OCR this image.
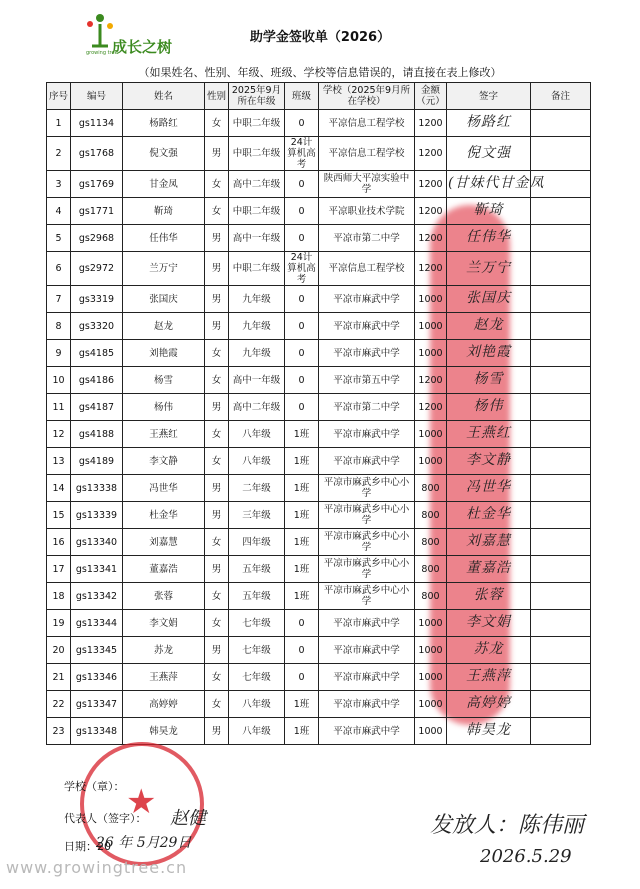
成长之树
growing tree
助学金签收单（2026）
（如果姓名、性别、年级、班级、学校等信息错误的，请直接在表上修改）
序号	编号	姓名	性别	2025年9月所在年级	班级	学校（2025年9月所在学校）	金额（元）	签字	备注
1	gs1134	杨路红	女	中职二年级	0	平凉信息工程学校	1200	杨路红	
2	gs1768	倪文强	男	中职二年级	24计算机高考	平凉信息工程学校	1200	倪文强	
3	gs1769	甘金凤	女	高中二年级	0	陕西师大平凉实验中学	1200	(甘妹代甘金凤	
4	gs1771	靳琦	女	中职二年级	0	平凉职业技术学院	1200	靳琦	
5	gs2968	任伟华	男	高中一年级	0	平凉市第二中学	1200	任伟华	
6	gs2972	兰万宁	男	中职二年级	24计算机高考	平凉信息工程学校	1200	兰万宁	
7	gs3319	张国庆	男	九年级	0	平凉市麻武中学	1000	张国庆	
8	gs3320	赵龙	男	九年级	0	平凉市麻武中学	1000	赵龙	
9	gs4185	刘艳霞	女	九年级	0	平凉市麻武中学	1000	刘艳霞	
10	gs4186	杨雪	女	高中一年级	0	平凉市第五中学	1200	杨雪	
11	gs4187	杨伟	男	高中二年级	0	平凉市第二中学	1200	杨伟	
12	gs4188	王燕红	女	八年级	1班	平凉市麻武中学	1000	王燕红	
13	gs4189	李文静	女	八年级	1班	平凉市麻武中学	1000	李文静	
14	gs13338	冯世华	男	二年级	1班	平凉市麻武乡中心小学	800	冯世华	
15	gs13339	杜金华	男	三年级	1班	平凉市麻武乡中心小学	800	杜金华	
16	gs13340	刘嘉慧	女	四年级	1班	平凉市麻武乡中心小学	800	刘嘉慧	
17	gs13341	董嘉浩	男	五年级	1班	平凉市麻武乡中心小学	800	董嘉浩	
18	gs13342	张蓉	女	五年级	1班	平凉市麻武乡中心小学	800	张蓉	
19	gs13344	李文娟	女	七年级	0	平凉市麻武中学	1000	李文娟	
20	gs13345	苏龙	男	七年级	0	平凉市麻武中学	1000	苏龙	
21	gs13346	王燕萍	女	七年级	0	平凉市麻武中学	1000	王燕萍	
22	gs13347	高婷婷	女	八年级	1班	平凉市麻武中学	1000	高婷婷	
23	gs13348	韩昊龙	男	八年级	1班	平凉市麻武中学	1000	韩昊龙	
★
学校（章）：
代表人（签字）： 赵健
日期：20
26 年 5月29日
发放人：陈伟丽
2026.5.29
www.growingtree.cn
